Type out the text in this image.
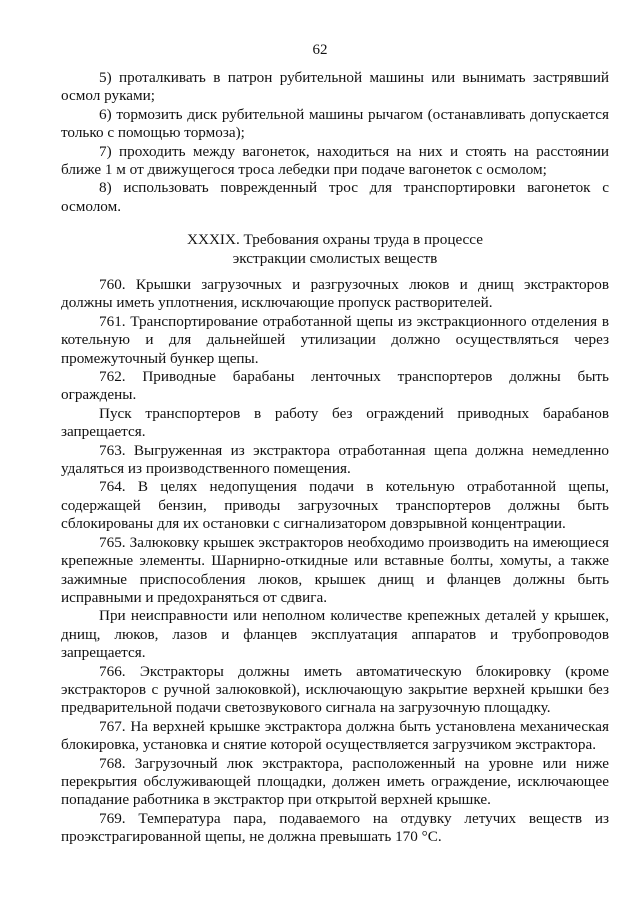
62

5) проталкивать в патрон рубительной машины или вынимать застрявший осмол руками;

6) тормозить диск рубительной машины рычагом (останавливать допускается только с помощью тормоза);

7) проходить между вагонеток, находиться на них и стоять на расстоянии ближе 1 м от движущегося троса лебедки при подаче вагонеток с осмолом;

8) использовать поврежденный трос для транспортировки вагонеток с осмолом.

XXXIX. Требования охраны труда в процессе
экстракции смолистых веществ

760. Крышки загрузочных и разгрузочных люков и днищ экстракторов должны иметь уплотнения, исключающие пропуск растворителей.

761. Транспортирование отработанной щепы из экстракционного отделения в котельную и для дальнейшей утилизации должно осуществляться через промежуточный бункер щепы.

762. Приводные барабаны ленточных транспортеров должны быть ограждены.

Пуск транспортеров в работу без ограждений приводных барабанов запрещается.

763. Выгруженная из экстрактора отработанная щепа должна немедленно удаляться из производственного помещения.

764. В целях недопущения подачи в котельную отработанной щепы, содержащей бензин, приводы загрузочных транспортеров должны быть сблокированы для их остановки с сигнализатором довзрывной концентрации.

765. Залюковку крышек экстракторов необходимо производить на имеющиеся крепежные элементы. Шарнирно-откидные или вставные болты, хомуты, а также зажимные приспособления люков, крышек днищ и фланцев должны быть исправными и предохраняться от сдвига.

При неисправности или неполном количестве крепежных деталей у крышек, днищ, люков, лазов и фланцев эксплуатация аппаратов и трубопроводов запрещается.

766. Экстракторы должны иметь автоматическую блокировку (кроме экстракторов с ручной залюковкой), исключающую закрытие верхней крышки без предварительной подачи светозвукового сигнала на загрузочную площадку.

767. На верхней крышке экстрактора должна быть установлена механическая блокировка, установка и снятие которой осуществляется загрузчиком экстрактора.

768. Загрузочный люк экстрактора, расположенный на уровне или ниже перекрытия обслуживающей площадки, должен иметь ограждение, исключающее попадание работника в экстрактор при открытой верхней крышке.

769. Температура пара, подаваемого на отдувку летучих веществ из проэкстрагированной щепы, не должна превышать 170 °С.
